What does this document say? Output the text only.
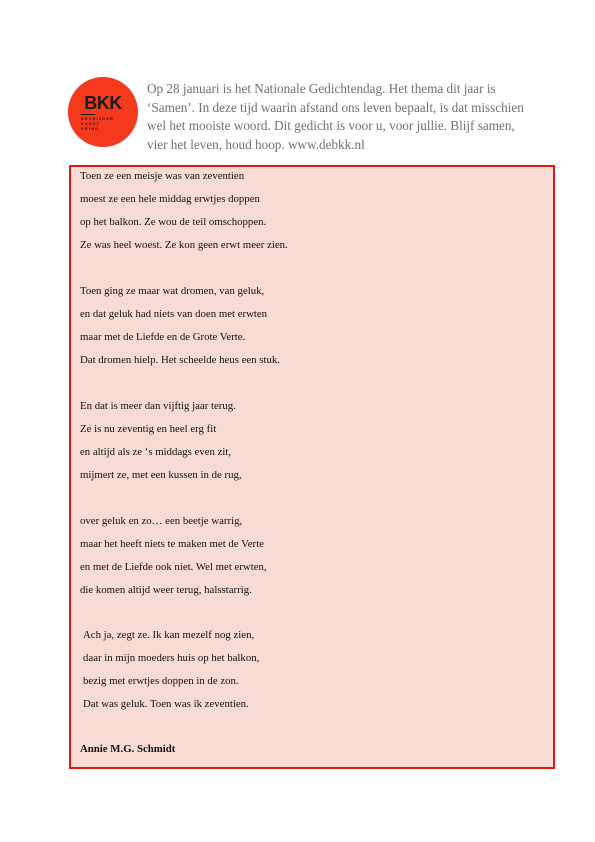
BKK
BEVRIJDER
KUNST
KRING
Op 28 januari is het Nationale Gedichtendag. Het thema dit jaar is ‘Samen’. In deze tijd waarin afstand ons leven bepaalt, is dat misschien wel het mooiste woord. Dit gedicht is voor u, voor jullie. Blijf samen, vier het leven, houd hoop. www.debkk.nl
Toen ze een meisje was van zeventien
moest ze een hele middag erwtjes doppen
op het balkon. Ze wou de teil omschoppen.
Ze was heel woest. Ze kon geen erwt meer zien.
Toen ging ze maar wat dromen, van geluk,
en dat geluk had niets van doen met erwten
maar met de Liefde en de Grote Verte.
Dat dromen hielp. Het scheelde heus een stuk.
En dat is meer dan vijftig jaar terug.
Ze is nu zeventig en heel erg fit
en altijd als ze ‘s middags even zit,
mijmert ze, met een kussen in de rug,
over geluk en zo… een beetje warrig,
maar het heeft niets te maken met de Verte
en met de Liefde ook niet. Wel met erwten,
die komen altijd weer terug, halsstarrig.
Ach ja, zegt ze. Ik kan mezelf nog zien,
daar in mijn moeders huis op het balkon,
bezig met erwtjes doppen in de zon.
Dat was geluk. Toen was ik zeventien.
Annie M.G. Schmidt
